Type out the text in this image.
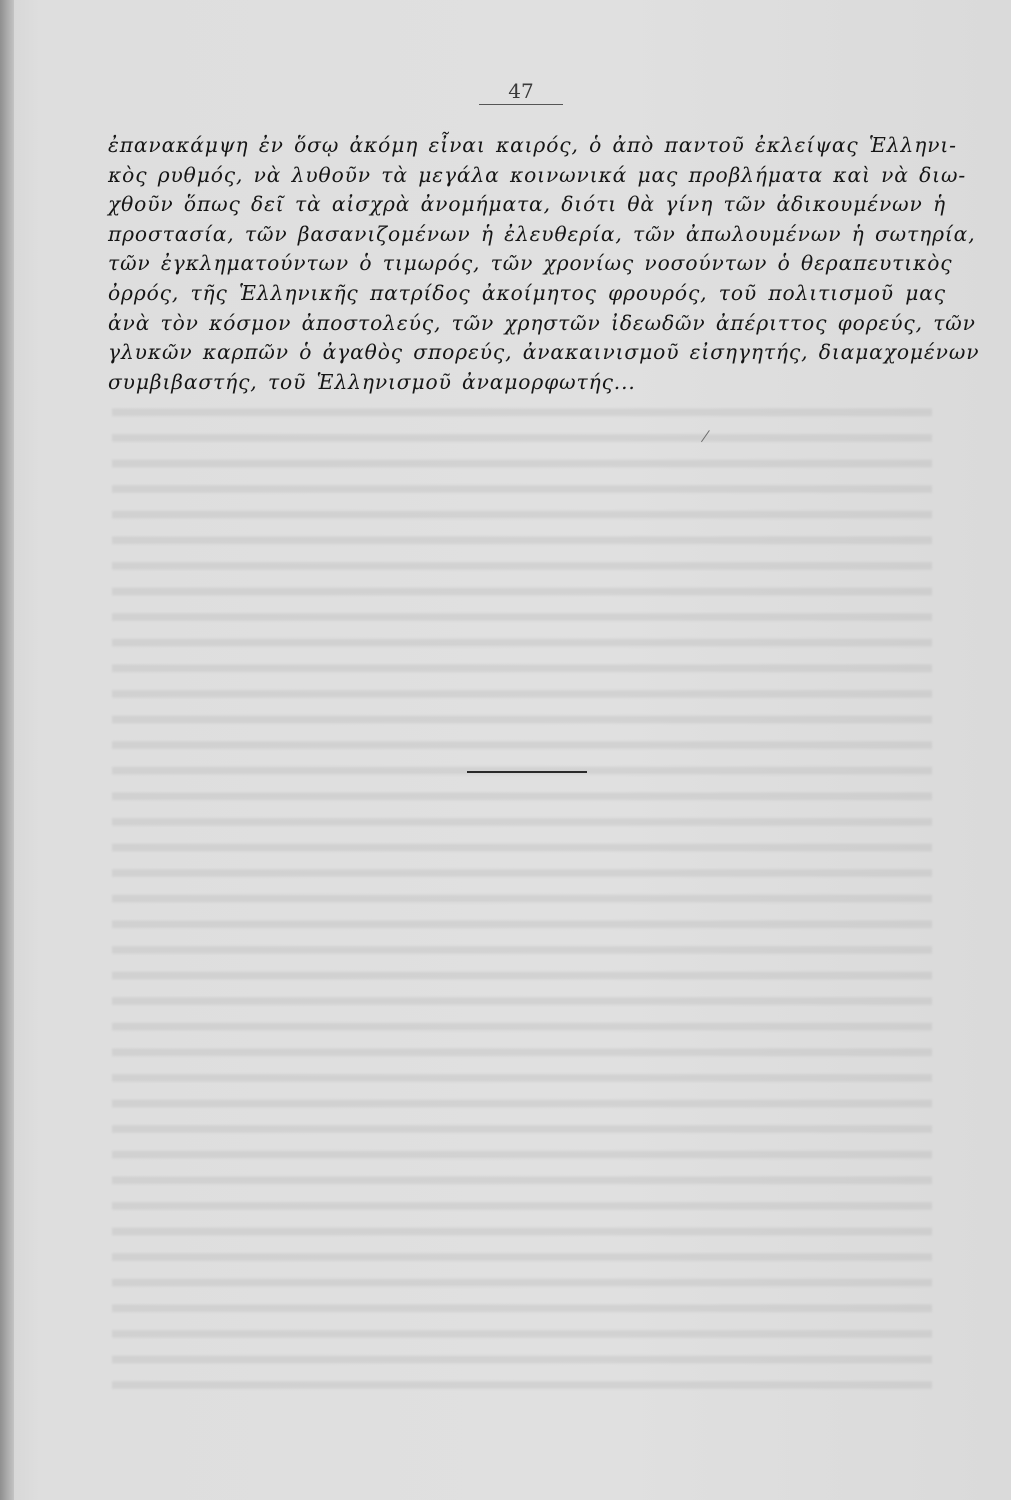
47

ἐπανακάμψη ἐν ὅσῳ ἀκόμη εἶναι καιρός, ὁ ἀπὸ παντοῦ ἐκλείψας Ἑλληνι-
κὸς ρυθμός, νὰ λυθοῦν τὰ μεγάλα κοινωνικά μας προβλήματα καὶ νὰ διω-
χθοῦν ὅπως δεῖ τὰ αἰσχρὰ ἀνομήματα, διότι θὰ γίνη τῶν ἀδικουμένων ἡ
προστασία, τῶν βασανιζομένων ἡ ἐλευθερία, τῶν ἀπωλουμένων ἡ σωτηρία,
τῶν ἐγκληματούντων ὁ τιμωρός, τῶν χρονίως νοσούντων ὁ θεραπευτικὸς
ὀρρός, τῆς Ἑλληνικῆς πατρίδος ἀκοίμητος φρουρός, τοῦ πολιτισμοῦ μας
ἀνὰ τὸν κόσμον ἀποστολεύς, τῶν χρηστῶν ἰδεωδῶν ἀπέριττος φορεύς, τῶν
γλυκῶν καρπῶν ὁ ἀγαθὸς σπορεύς, ἀνακαινισμοῦ εἰσηγητής, διαμαχομένων
συμβιβαστής, τοῦ Ἑλληνισμοῦ ἀναμορφωτής...
